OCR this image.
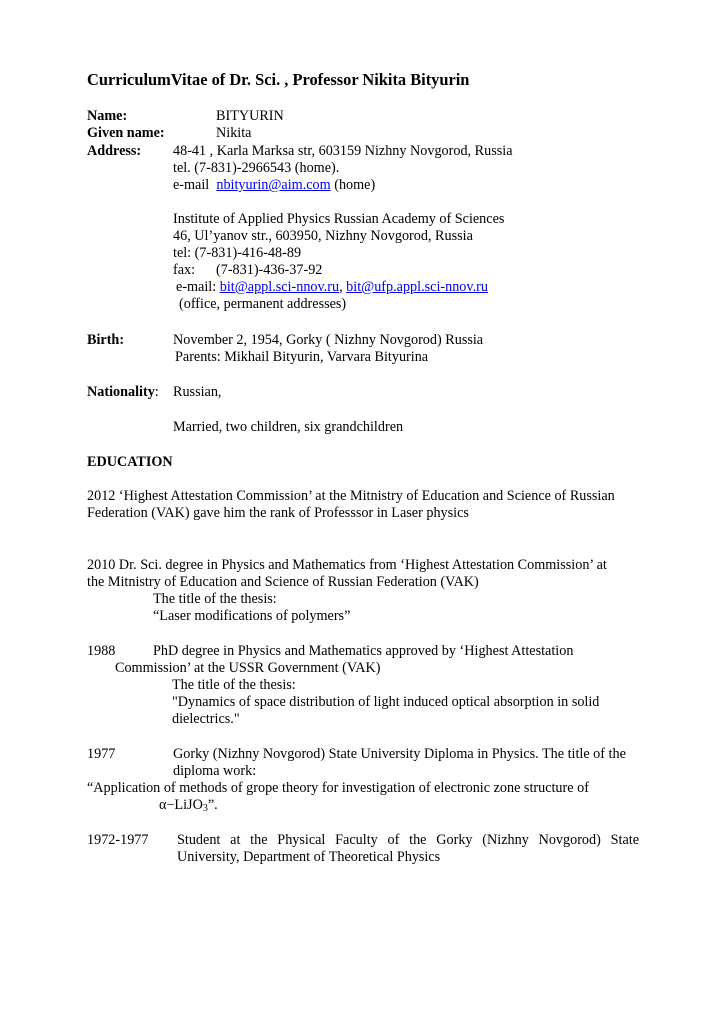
CurriculumVitae of Dr. Sci. , Professor Nikita Bityurin
Name:	BITYURIN
Given name:	Nikita
Address: 48-41 , Karla Marksa str, 603159 Nizhny Novgorod, Russia
tel. (7-831)-2966543 (home).
e-mail nbityurin@aim.com (home)
Institute of Applied Physics Russian Academy of Sciences
46, Ul’yanov str., 603950, Nizhny Novgorod, Russia
tel: (7-831)-416-48-89
fax: (7-831)-436-37-92
e-mail: bit@appl.sci-nnov.ru, bit@ufp.appl.sci-nnov.ru
(office, permanent addresses)
Birth:	November 2, 1954, Gorky ( Nizhny Novgorod) Russia
Parents: Mikhail Bityurin, Varvara Bityurina
Nationality: Russian,
Married, two children, six grandchildren
EDUCATION
2012 ‘Highest Attestation Commission’ at the Mitnistry of Education and Science of Russian
Federation (VAK) gave him the rank of Professsor in Laser physics
2010 Dr. Sci. degree in Physics and Mathematics from ‘Highest Attestation Commission’ at
the Mitnistry of Education and Science of Russian Federation (VAK)
The title of the thesis:
“Laser modifications of polymers”
1988	PhD degree in Physics and Mathematics approved by ‘Highest Attestation
Commission’ at the USSR Government (VAK)
The title of the thesis:
"Dynamics of space distribution of light induced optical absorption in solid
dielectrics."
1977	Gorky (Nizhny Novgorod) State University Diploma in Physics. The title of the
diploma work:
“Application of methods of grope theory for investigation of electronic zone structure of
α−LiJO$_3$”.
1972-1977 Student at the Physical Faculty of the Gorky (Nizhny Novgorod) State
University, Department of Theoretical Physics
